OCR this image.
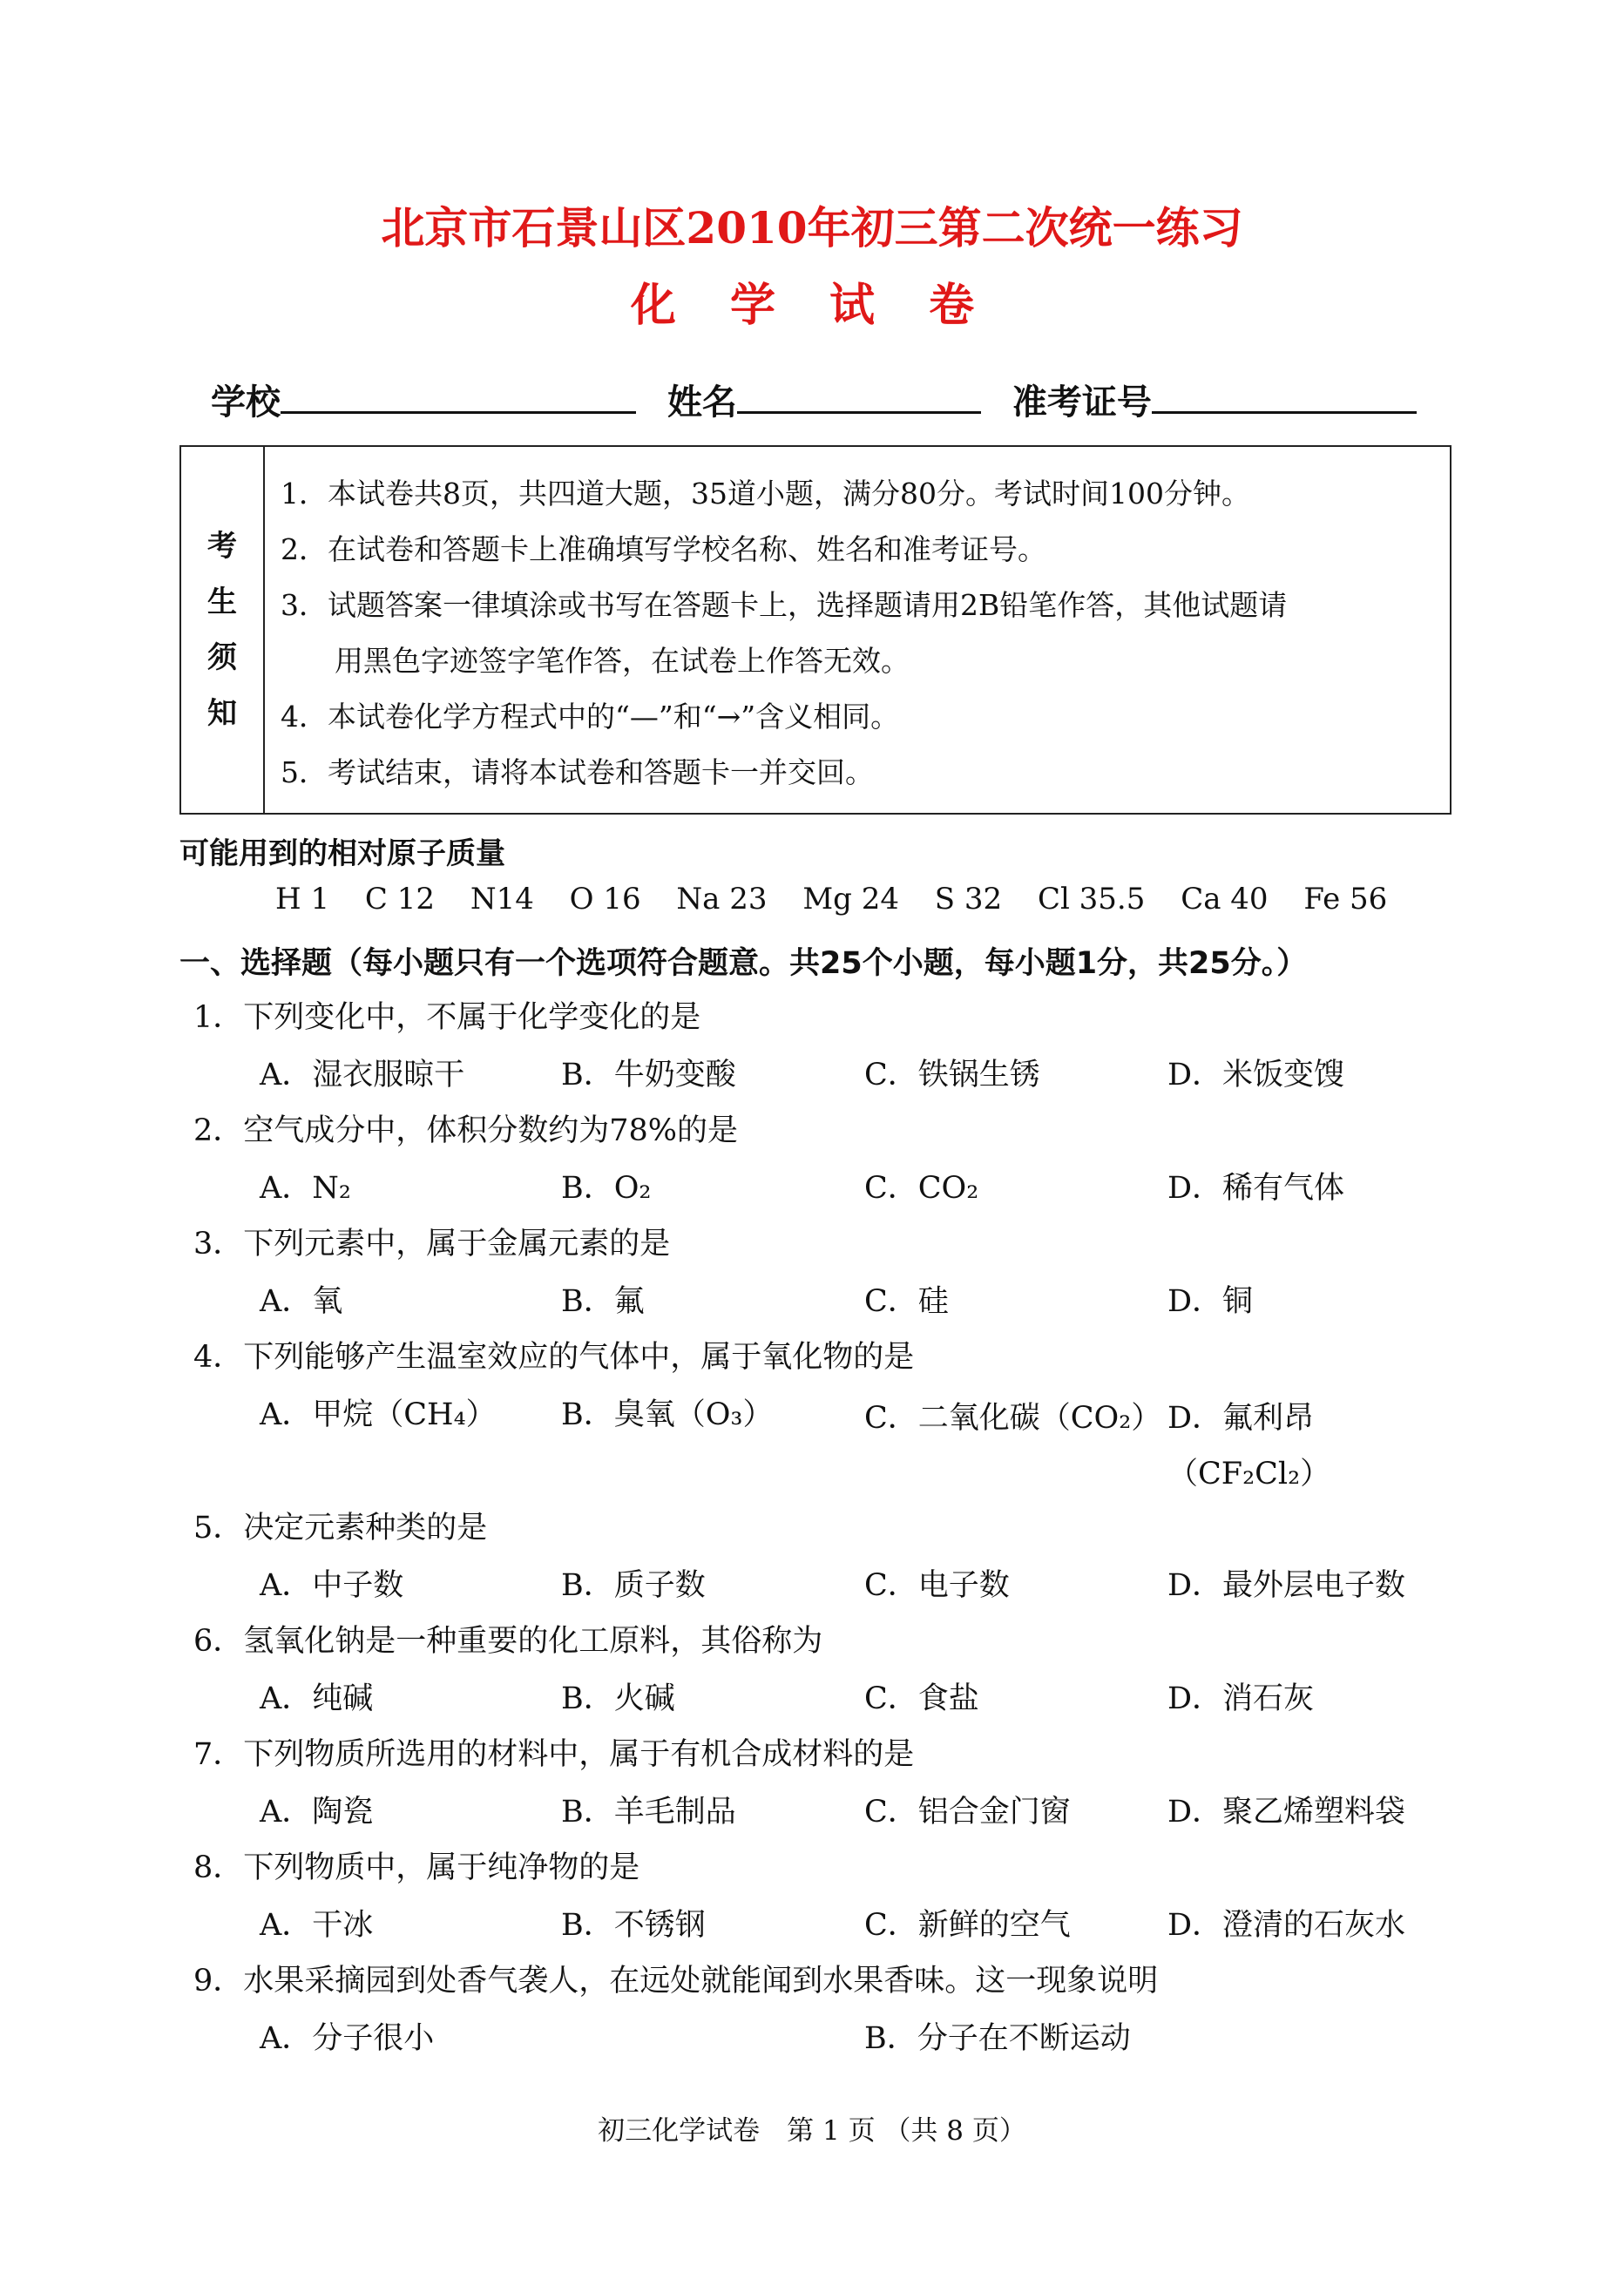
北京市石景山区2010年初三第二次统一练习
化 学 试 卷
学校	姓名	准考证号
考
生
须
知
1．本试卷共8页，共四道大题，35道小题，满分80分。考试时间100分钟。
2．在试卷和答题卡上准确填写学校名称、姓名和准考证号。
3．试题答案一律填涂或书写在答题卡上，选择题请用2B铅笔作答，其他试题请
用黑色字迹签字笔作答，在试卷上作答无效。
4．本试卷化学方程式中的“—”和“→”含义相同。
5．考试结束，请将本试卷和答题卡一并交回。
可能用到的相对原子质量
H 1 C 12 N14 O 16 Na 23 Mg 24 S 32 Cl 35.5 Ca 40 Fe 56
一、选择题（每小题只有一个选项符合题意。共25个小题，每小题1分，共25分。）
1．下列变化中，不属于化学变化的是
A．湿衣服晾干	B．牛奶变酸	C．铁锅生锈	D．米饭变馊
2．空气成分中，体积分数约为78%的是
A．N₂	B．O₂	C．CO₂	D．稀有气体
3．下列元素中，属于金属元素的是
A．氧	B．氟	C．硅	D．铜
4．下列能够产生温室效应的气体中，属于氧化物的是
A．甲烷（CH₄） B．臭氧（O₃）	C．二氧化碳（CO₂） D．氟利昂（CF₂Cl₂）
5．决定元素种类的是
A．中子数	B．质子数	C．电子数	D．最外层电子数
6．氢氧化钠是一种重要的化工原料，其俗称为
A．纯碱	B．火碱	C．食盐	D．消石灰
7．下列物质所选用的材料中，属于有机合成材料的是
A．陶瓷	B．羊毛制品	C．铝合金门窗	D．聚乙烯塑料袋
8．下列物质中，属于纯净物的是
A．干冰	B．不锈钢	C．新鲜的空气	D．澄清的石灰水
9．水果采摘园到处香气袭人，在远处就能闻到水果香味。这一现象说明
A．分子很小	B．分子在不断运动
初三化学试卷　第 1 页 （共 8 页）
